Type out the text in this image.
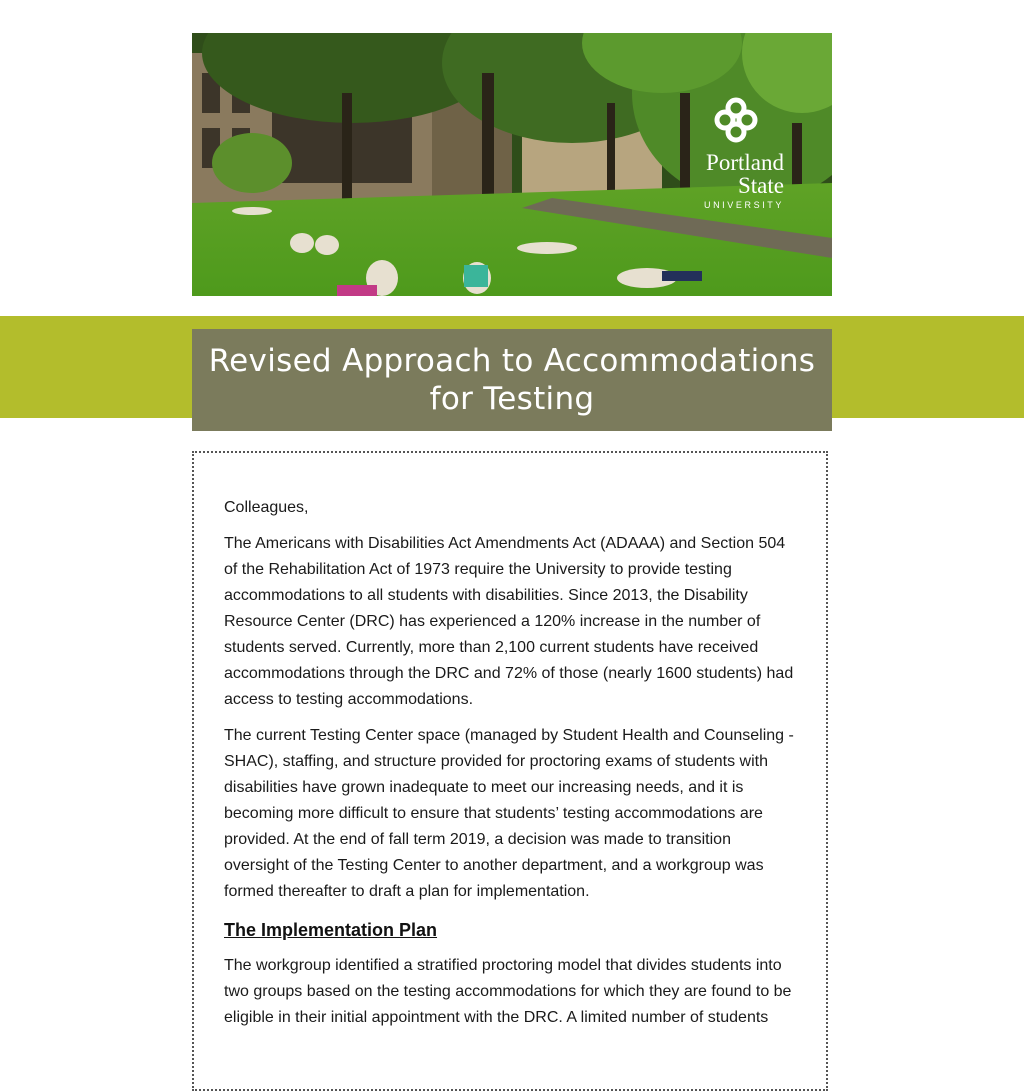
Portland
State
UNIVERSITY
Revised Approach to Accommodations for Testing

Colleagues,

The Americans with Disabilities Act Amendments Act (ADAAA) and Section 504 of the Rehabilitation Act of 1973 require the University to provide testing accommodations to all students with disabilities. Since 2013, the Disability Resource Center (DRC) has experienced a 120% increase in the number of students served. Currently, more than 2,100 current students have received accommodations through the DRC and 72% of those (nearly 1600 students) had access to testing accommodations.

The current Testing Center space (managed by Student Health and Counseling - SHAC), staffing, and structure provided for proctoring exams of students with disabilities have grown inadequate to meet our increasing needs, and it is becoming more difficult to ensure that students’ testing accommodations are provided. At the end of fall term 2019, a decision was made to transition oversight of the Testing Center to another department, and a workgroup was formed thereafter to draft a plan for implementation.

The Implementation Plan

The workgroup identified a stratified proctoring model that divides students into two groups based on the testing accommodations for which they are found to be eligible in their initial appointment with the DRC. A limited number of students
